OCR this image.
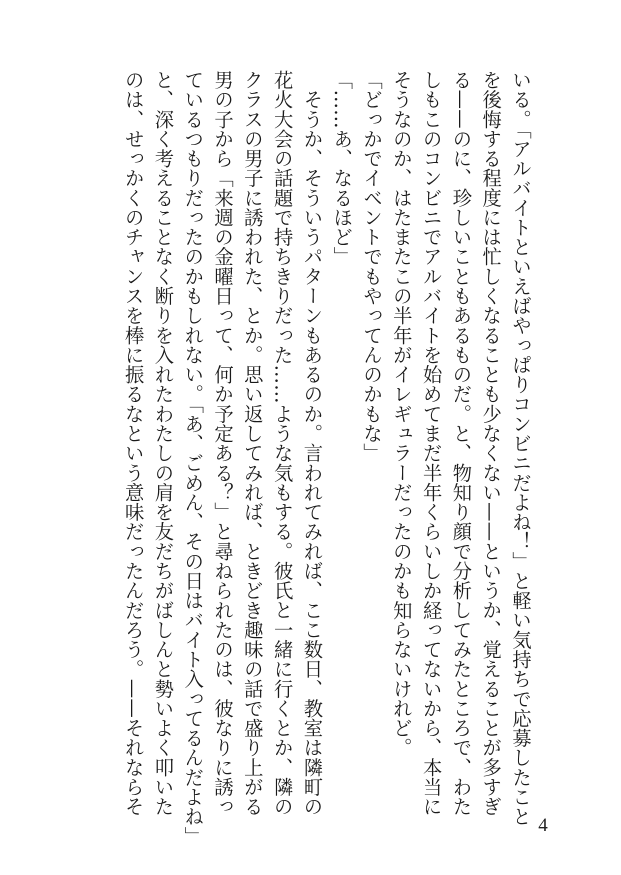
いる。「アルバイトといえばやっぱりコンビニだよね！」と軽い気持ちで応募したこと
を後悔する程度には忙しくなることも少なくない——というか、覚えることが多すぎ
る——のに、珍しいこともあるものだ。と、物知り顔で分析してみたところで、わた
しもこのコンビニでアルバイトを始めてまだ半年くらいしか経ってないから、本当に
そうなのか、はたまたこの半年がイレギュラーだったのかも知らないけれど。
「どっかでイベントでもやってんのかもな」
「……あ、なるほど」
　そうか、そういうパターンもあるのか。言われてみれば、ここ数日、教室は隣町の
花火大会の話題で持ちきりだった……ような気もする。彼氏と一緒に行くとか、隣の
クラスの男子に誘われた、とか。思い返してみれば、ときどき趣味の話で盛り上がる
男の子から「来週の金曜日って、何か予定ある？」と尋ねられたのは、彼なりに誘っ
ているつもりだったのかもしれない。「あ、ごめん、その日はバイト入ってるんだよね」
と、深く考えることなく断りを入れたわたしの肩を友だちがばしんと勢いよく叩いた
のは、せっかくのチャンスを棒に振るなという意味だったんだろう。——それならそ
4
